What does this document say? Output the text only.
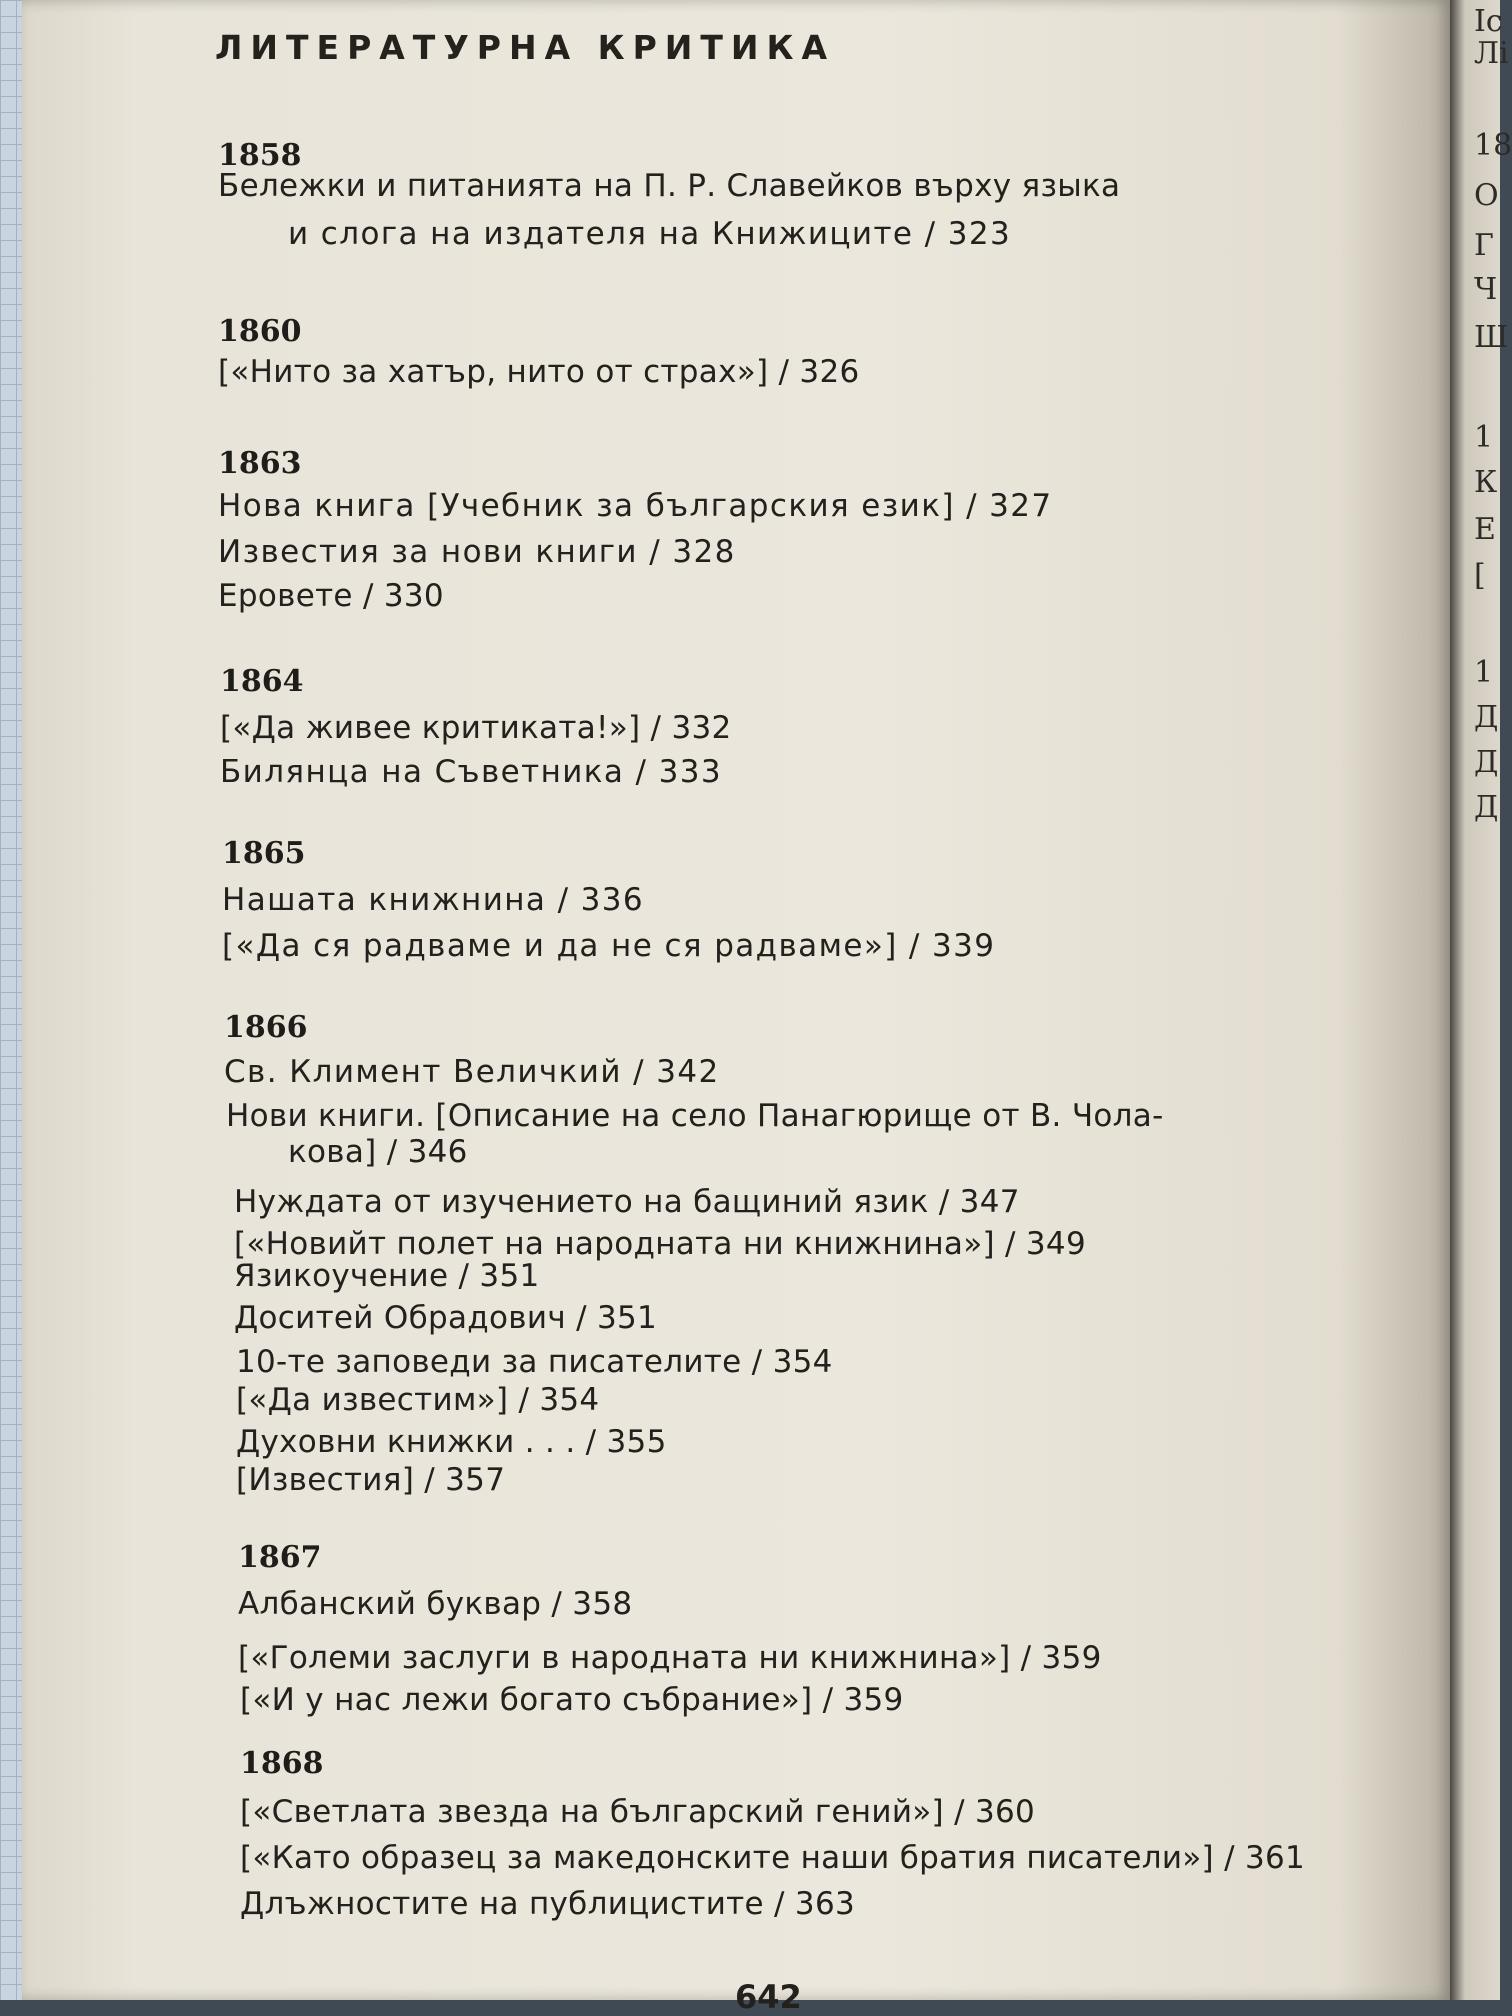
Іс
Лі
18
О
Г
Ч
Ш
1
К
Е
[
1
Д
Д
Д
ЛИТЕРАТУРНА КРИТИКА
1858
Бележки и питанията на П. Р. Славейков върху языка
и слога на издателя на Книжиците / 323
1860
[«Нито за хатър, нито от страх»] / 326
1863
Нова книга [Учебник за българския език] / 327
Известия за нови книги / 328
Еровете / 330
1864
[«Да живее критиката!»] / 332
Билянца на Съветника / 333
1865
Нашата книжнина / 336
[«Да ся радваме и да не ся радваме»] / 339
1866
Св. Климент Величкий / 342
Нови книги. [Описание на село Панагюрище от В. Чола-
кова] / 346
Нуждата от изучението на бащиний язик / 347
[«Новийт полет на народната ни книжнина»] / 349
Язикоучение / 351
Доситей Обрадович / 351
10-те заповеди за писателите / 354
[«Да известим»] / 354
Духовни книжки . . . / 355
[Известия] / 357
1867
Албанский буквар / 358
[«Големи заслуги в народната ни книжнина»] / 359
[«И у нас лежи богато събрание»] / 359
1868
[«Светлата звезда на българский гений»] / 360
[«Като образец за македонските наши братия писатели»] / 361
Длъжностите на публицистите / 363
642
